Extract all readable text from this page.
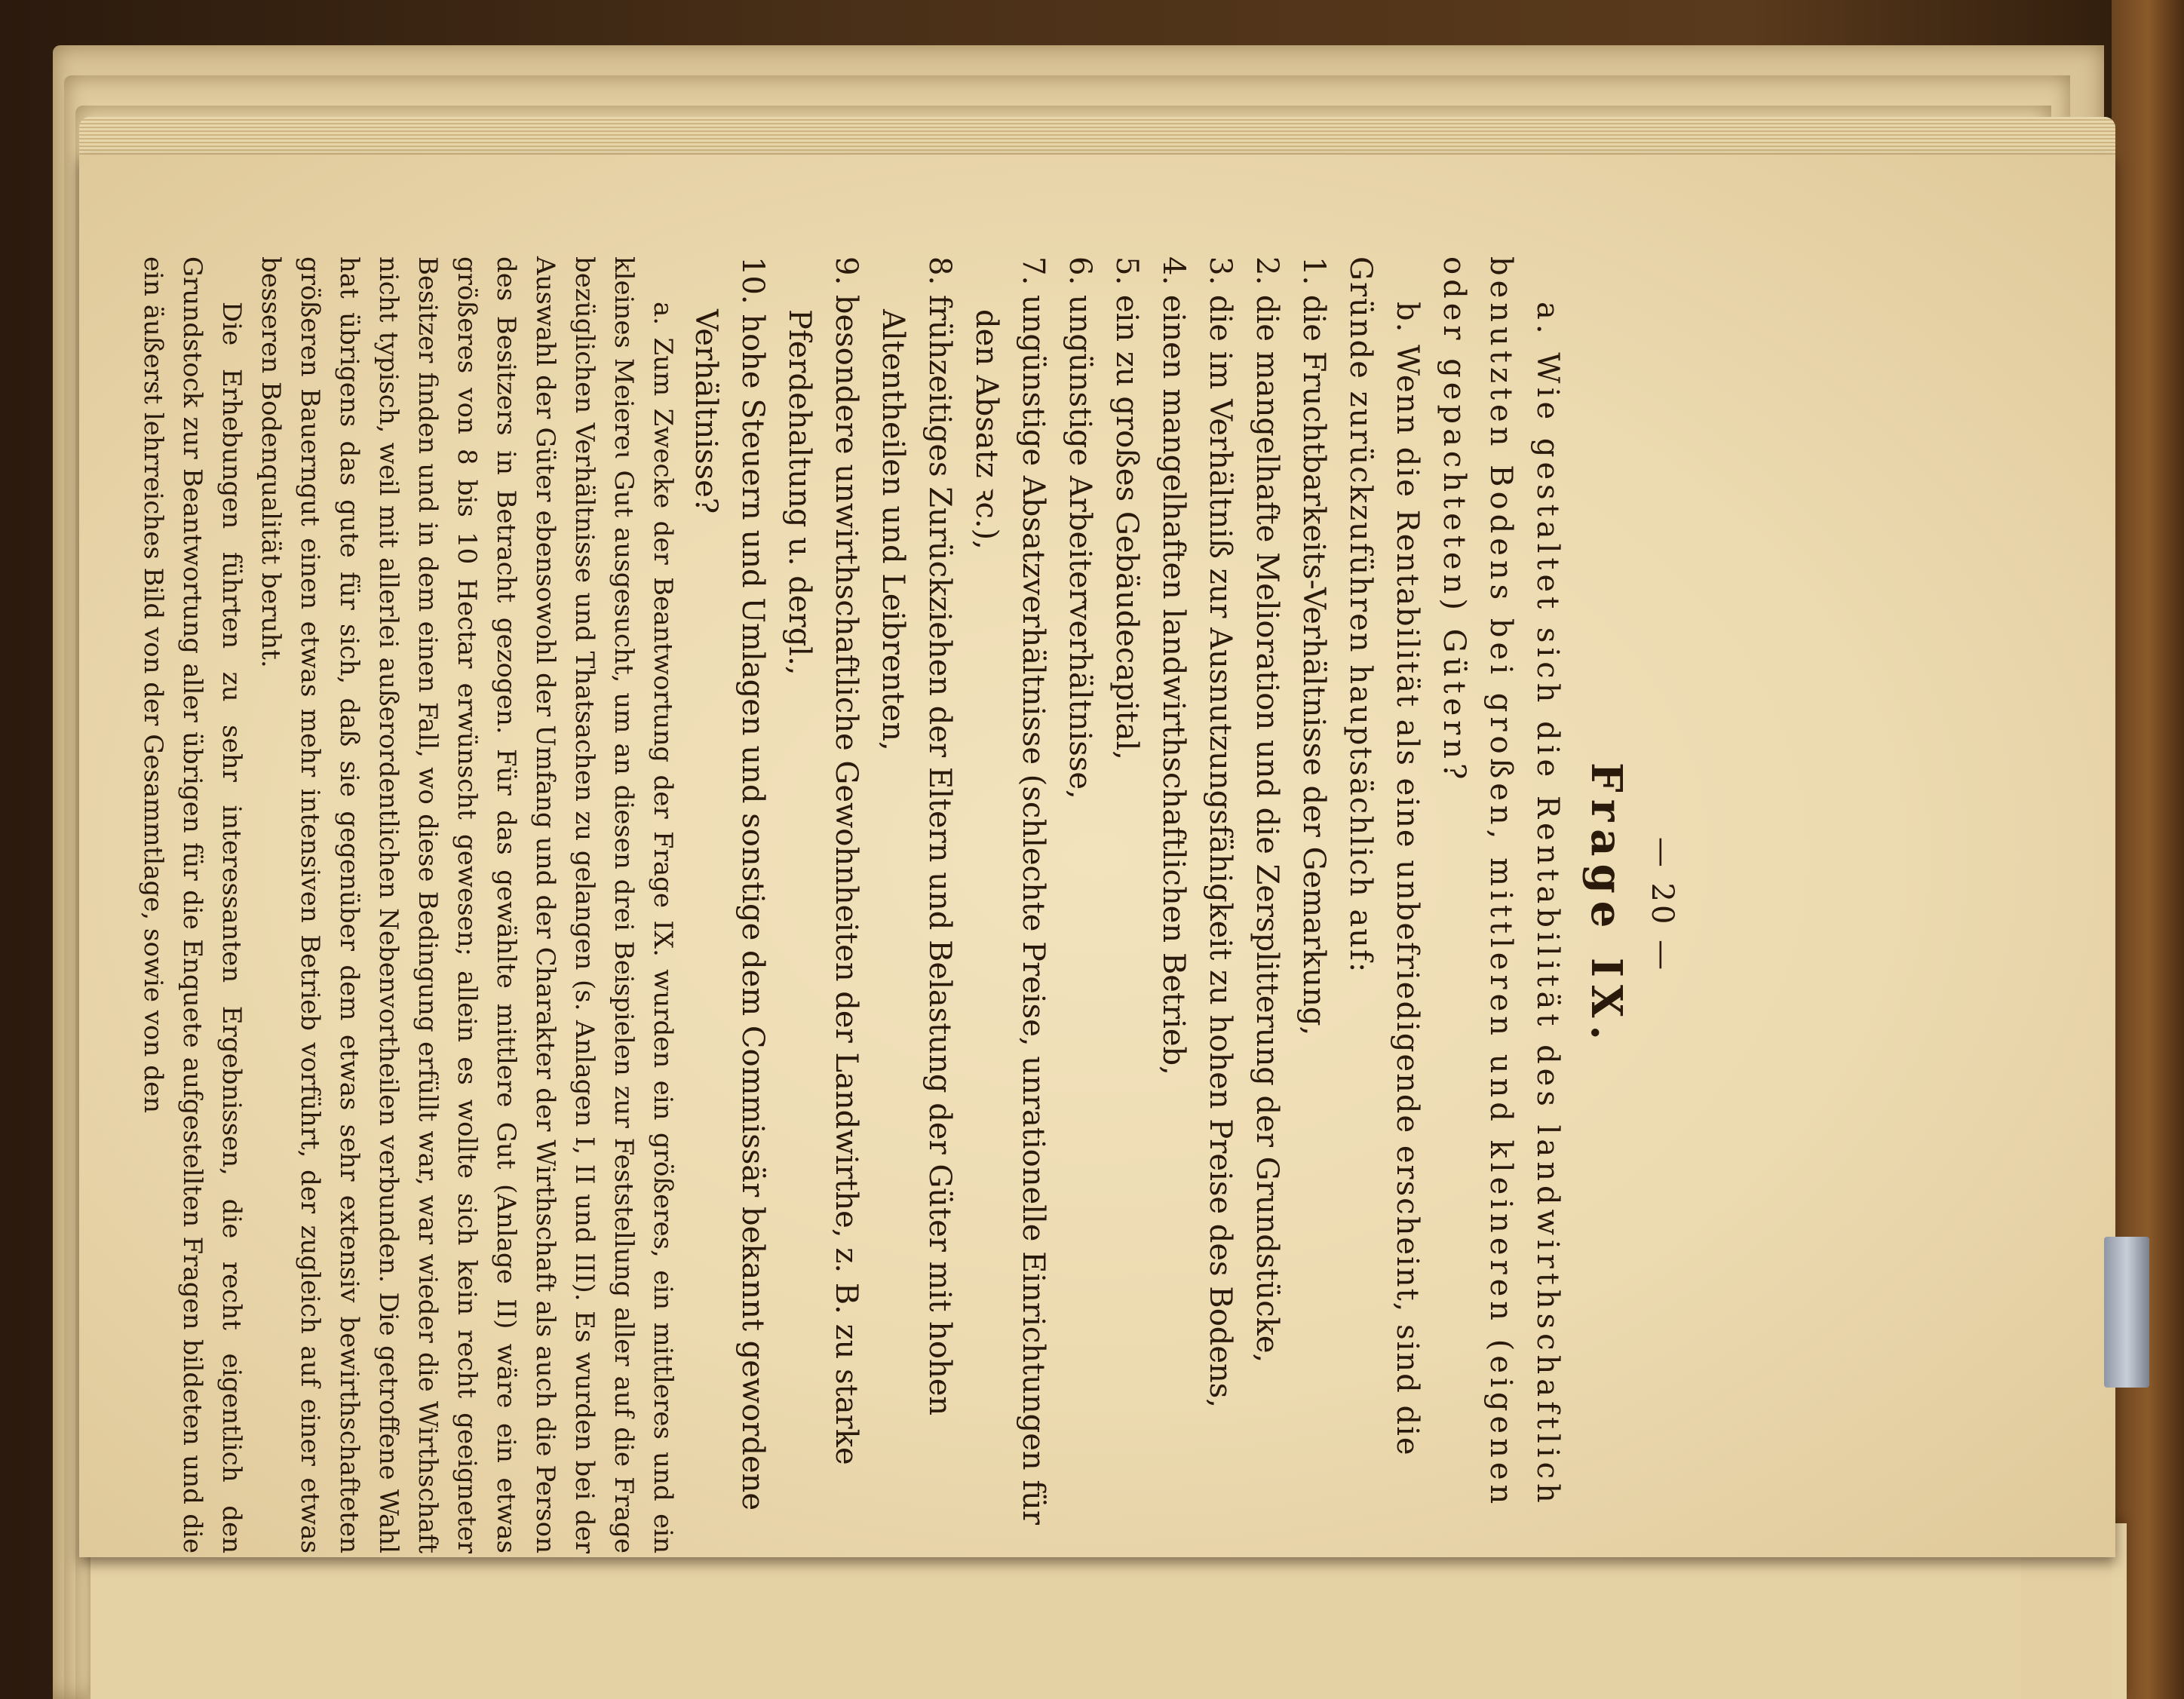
— 20 —
Frage IX.

a. Wie gestaltet sich die Rentabilität des landwirthschaftlich benutzten Bodens bei großen, mittleren und kleineren (eigenen oder gepachteten) Gütern?

b. Wenn die Rentabilität als eine unbefriedigende erscheint, sind die Gründe zurückzuführen hauptsächlich auf:

1. die Fruchtbarkeits-Verhältnisse der Gemarkung,

2. die mangelhafte Melioration und die Zersplitterung der Grundstücke,

3. die im Verhältniß zur Ausnutzungsfähigkeit zu hohen Preise des Bodens,

4. einen mangelhaften landwirthschaftlichen Betrieb,

5. ein zu großes Gebäudecapital,

6. ungünstige Arbeiterverhältnisse,

7. ungünstige Absatzverhältnisse (schlechte Preise, unrationelle Einrichtungen für den Absatz ꝛc.),

8. frühzeitiges Zurückziehen der Eltern und Belastung der Güter mit hohen Altentheilen und Leibrenten,

9. besondere unwirthschaftliche Gewohnheiten der Landwirthe, z. B. zu starke Pferdehaltung u. dergl.,

10. hohe Steuern und Umlagen und sonstige dem Commissär bekannt gewordene Verhältnisse?

a. Zum Zwecke der Beantwortung der Frage IX. wurden ein größeres, ein mittleres und ein kleines Meiereɩ Gut ausgesucht, um an diesen drei Beispielen zur Feststellung aller auf die Frage bezüglichen Verhältnisse und Thatsachen zu gelangen (s. Anlagen I, II und III). Es wurden bei der Auswahl der Güter ebensowohl der Umfang und der Charakter der Wirthschaft als auch die Person des Besitzers in Betracht gezogen. Für das gewählte mittlere Gut (Anlage II) wäre ein etwas größeres von 8 bis 10 Hectar erwünscht gewesen; allein es wollte sich kein recht geeigneter Besitzer finden und in dem einen Fall, wo diese Bedingung erfüllt war, war wieder die Wirthschaft nicht typisch, weil mit allerlei außerordentlichen Nebenvortheilen verbunden. Die getroffene Wahl hat übrigens das gute für sich, daß sie gegenüber dem etwas sehr extensiv bewirthschafteten größeren Bauerngut einen etwas mehr intensiven Betrieb vorführt, der zugleich auf einer etwas besseren Bodenqualität beruht.

Die Erhebungen führten zu sehr interessanten Ergebnissen, die recht eigentlich den Grundstock zur Beantwortung aller übrigen für die Enquete aufgestellten Fragen bildeten und die ein äußerst lehrreiches Bild von der Gesammtlage, sowie von den
